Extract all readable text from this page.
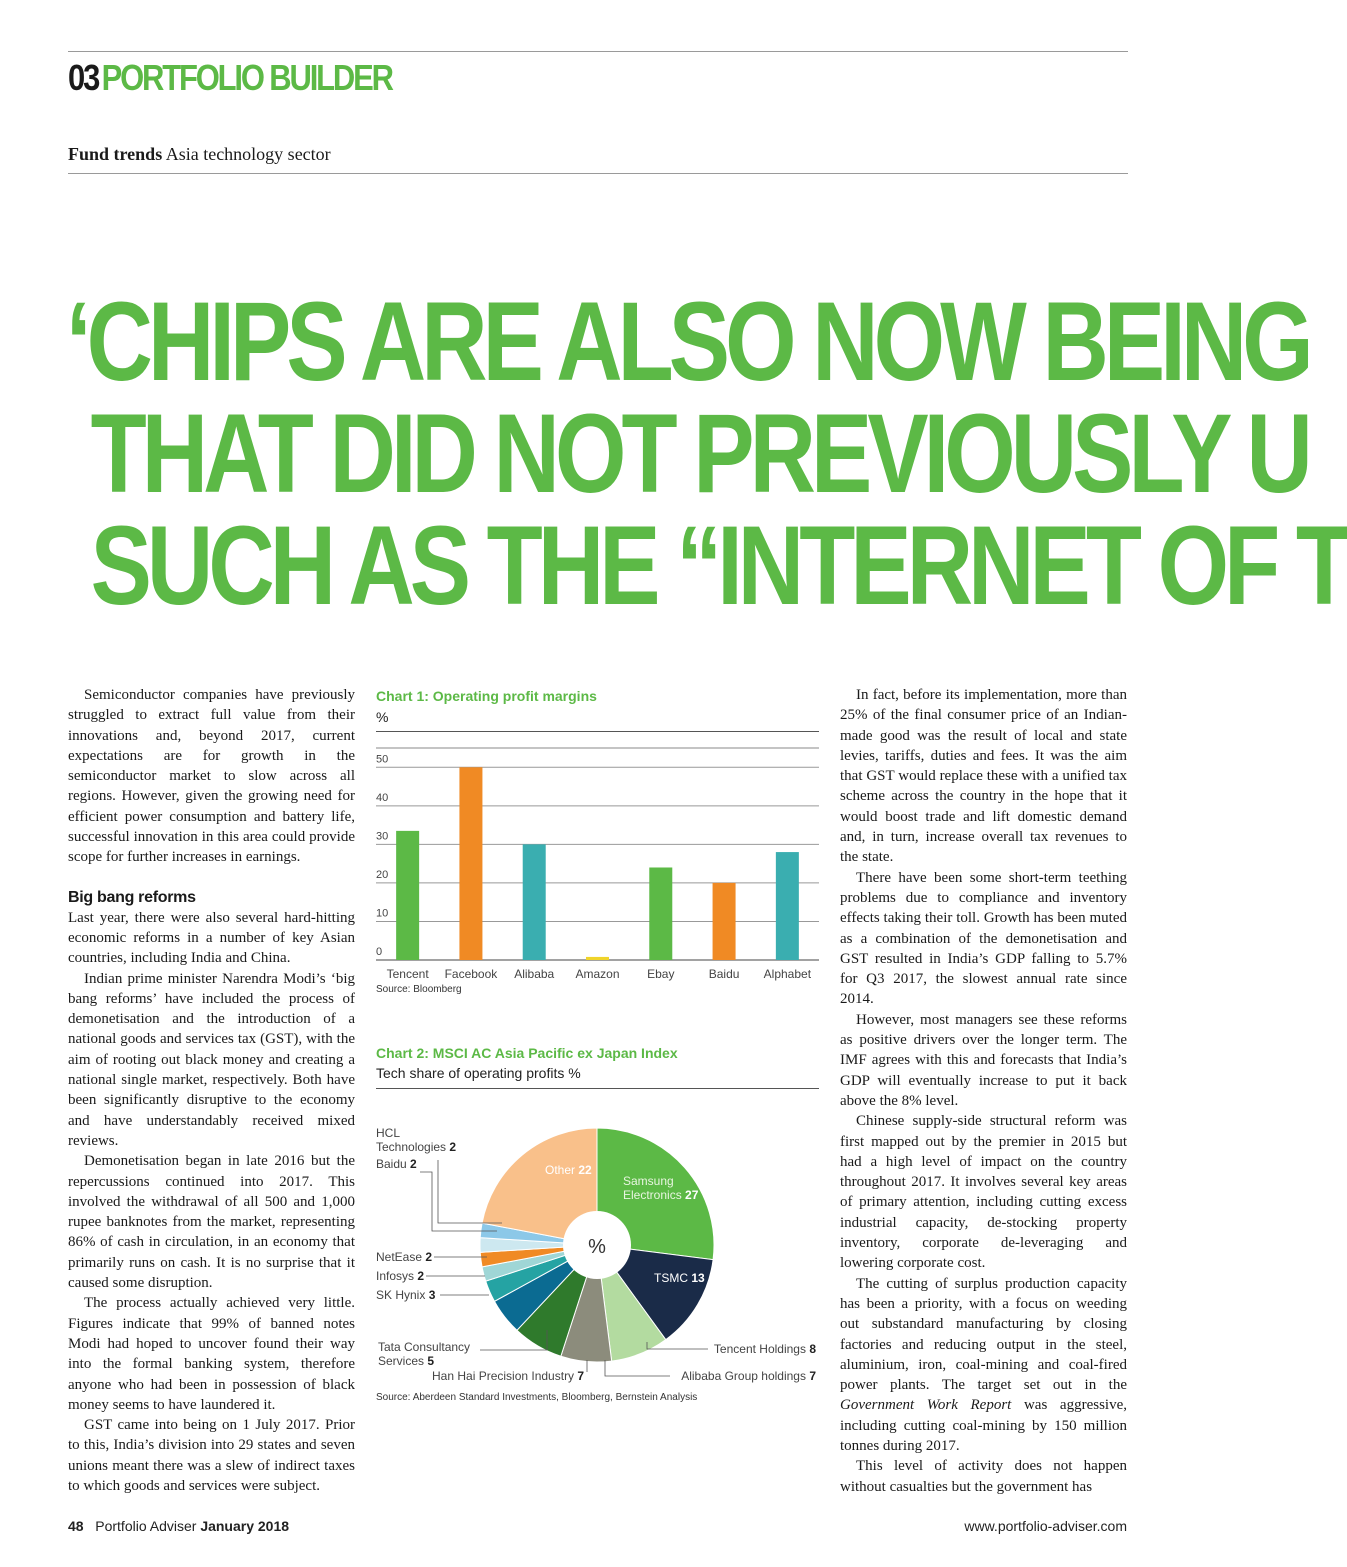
03PORTFOLIO BUILDER
Fund trends Asia technology sector
‘CHIPS ARE ALSO NOW BEING
THAT DID NOT PREVIOUSLY U
SUCH AS THE “INTERNET OF T

Semiconductor companies have previously struggled to extract full value from their innovations and, beyond 2017, current expectations are for growth in the semiconductor market to slow across all regions. However, given the growing need for efficient power consumption and battery life, successful innovation in this area could provide scope for further increases in earnings.

Big bang reforms

Last year, there were also several hard-hitting economic reforms in a number of key Asian countries, including India and China.

Indian prime minister Narendra Modi’s ‘big bang reforms’ have included the process of demonetisation and the introduction of a national goods and services tax (GST), with the aim of rooting out black money and creating a national single market, respectively. Both have been significantly disruptive to the economy and have understandably received mixed reviews.

Demonetisation began in late 2016 but the repercussions continued into 2017. This involved the withdrawal of all 500 and 1,000 rupee banknotes from the market, representing 86% of cash in circulation, in an economy that primarily runs on cash. It is no surprise that it caused some disruption.

The process actually achieved very little. Figures indicate that 99% of banned notes Modi had hoped to uncover found their way into the formal banking system, therefore anyone who had been in possession of black money seems to have laundered it.

GST came into being on 1 July 2017. Prior to this, India’s division into 29 states and seven unions meant there was a slew of indirect taxes to which goods and services were subject.

In fact, before its implementation, more than 25% of the final consumer price of an Indian-made good was the result of local and state levies, tariffs, duties and fees. It was the aim that GST would replace these with a unified tax scheme across the country in the hope that it would boost trade and lift domestic demand and, in turn, increase overall tax revenues to the state.

There have been some short-term teething problems due to compliance and inventory effects taking their toll. Growth has been muted as a combination of the demonetisation and GST resulted in India’s GDP falling to 5.7% for Q3 2017, the slowest annual rate since 2014.

However, most managers see these reforms as positive drivers over the longer term. The IMF agrees with this and forecasts that India’s GDP will eventually increase to put it back above the 8% level.

Chinese supply-side structural reform was first mapped out by the premier in 2015 but had a high level of impact on the country throughout 2017. It involves several key areas of primary attention, including cutting excess industrial capacity, de-stocking property inventory, corporate de-leveraging and lowering corporate cost.

The cutting of surplus production capacity has been a priority, with a focus on weeding out substandard manufacturing by closing factories and reducing output in the steel, aluminium, iron, coal-mining and coal-fired power plants. The target set out in the Government Work Report was aggressive, including cutting coal-mining by 150 million tonnes during 2017.

This level of activity does not happen without casualties but the government has

Chart 1: Operating profit margins
%
0
10
20
30
40
50
Tencent Facebook Alibaba Amazon Ebay	Baidu Alphabet
Source: Bloomberg
Chart 2: MSCI AC Asia Pacific ex Japan Index
Tech share of operating profits %
%
Samsung Electronics 27
TSMC 13
Other 22
HCL Technologies 2
Baidu 2
NetEase 2
Infosys 2
SK Hynix 3
Tata Consultancy Services 5
Han Hai Precision Industry 7	Alibaba Group holdings 7
Tencent Holdings 8
Source: Aberdeen Standard Investments, Bloomberg, Bernstein Analysis
48 Portfolio Adviser January 2018	www.portfolio-adviser.com
